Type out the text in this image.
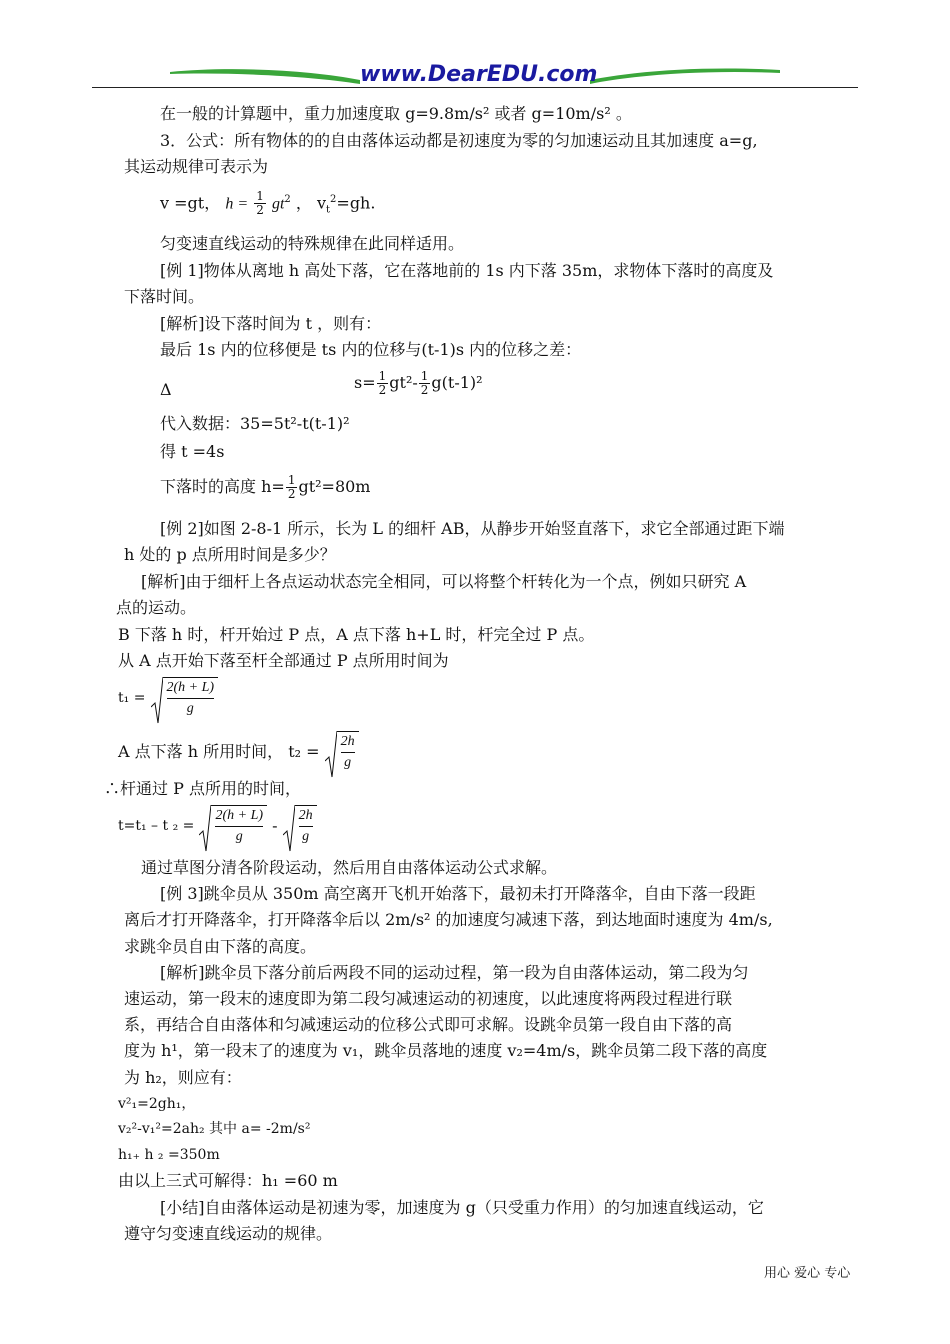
www.DearEDU.com
在一般的计算题中，重力加速度取 g=9.8m/s² 或者 g=10m/s² 。
3．公式：所有物体的的自由落体运动都是初速度为零的匀加速运动且其加速度 a=g,
其运动规律可表示为
v =gt， $h = \frac{1}{2} gt^2$ ， $v_t^2=gh$.
匀变速直线运动的特殊规律在此同样适用。
[例 1]物体从离地 h 高处下落，它在落地前的 1s 内下落 35m，求物体下落时的高度及
下落时间。
[解析]设下落时间为 t ，则有：
最后 1s 内的位移便是 ts 内的位移与(t-1)s 内的位移之差：
Δ	$s= \frac{1}{2} gt^2- \frac{1}{2} g(t-1)^2$
代入数据：35=5t²-t(t-1)²
得 t =4s
下落时的高度 $h= \frac{1}{2} gt^2=80m$
[例 2]如图 2-8-1 所示，长为 L 的细杆 AB，从静步开始竖直落下，求它全部通过距下端
h 处的 p 点所用时间是多少？
[解析]由于细杆上各点运动状态完全相同，可以将整个杆转化为一个点，例如只研究 A
点的运动。
B 下落 h 时，杆开始过 P 点，A 点下落 h+L 时，杆完全过 P 点。
从 A 点开始下落至杆全部通过 P 点所用时间为
$t_1 = \frac{2(h + L)}{g}$
A 点下落 h 所用时间， $t_2 = \frac{2h}{g}$
∴杆通过 P 点所用的时间，
t=t₁ – t $_2 = \frac{2(h + L)}{g} - \frac{2h}{g}$
通过草图分清各阶段运动，然后用自由落体运动公式求解。
[例 3]跳伞员从 350m 高空离开飞机开始落下，最初未打开降落伞，自由下落一段距
离后才打开降落伞，打开降落伞后以 2m/s² 的加速度匀减速下落，到达地面时速度为 4m/s,
求跳伞员自由下落的高度。
[解析]跳伞员下落分前后两段不同的运动过程，第一段为自由落体运动，第二段为匀
速运动，第一段末的速度即为第二段匀减速运动的初速度，以此速度将两段过程进行联
系，再结合自由落体和匀减速运动的位移公式即可求解。设跳伞员第一段自由下落的高
度为 h¹，第一段末了的速度为 v₁，跳伞员落地的速度 v₂=4m/s，跳伞员第二段下落的高度
为 h₂，则应有：
v²₁=2gh₁，
v₂²-v₁²=2ah₂ 其中 a= -2m/s²
h₁₊ h ₂ =350m
由以上三式可解得：h₁ =60 m
[小结]自由落体运动是初速为零，加速度为 g（只受重力作用）的匀加速直线运动，它
遵守匀变速直线运动的规律。
用心 爱心 专心
